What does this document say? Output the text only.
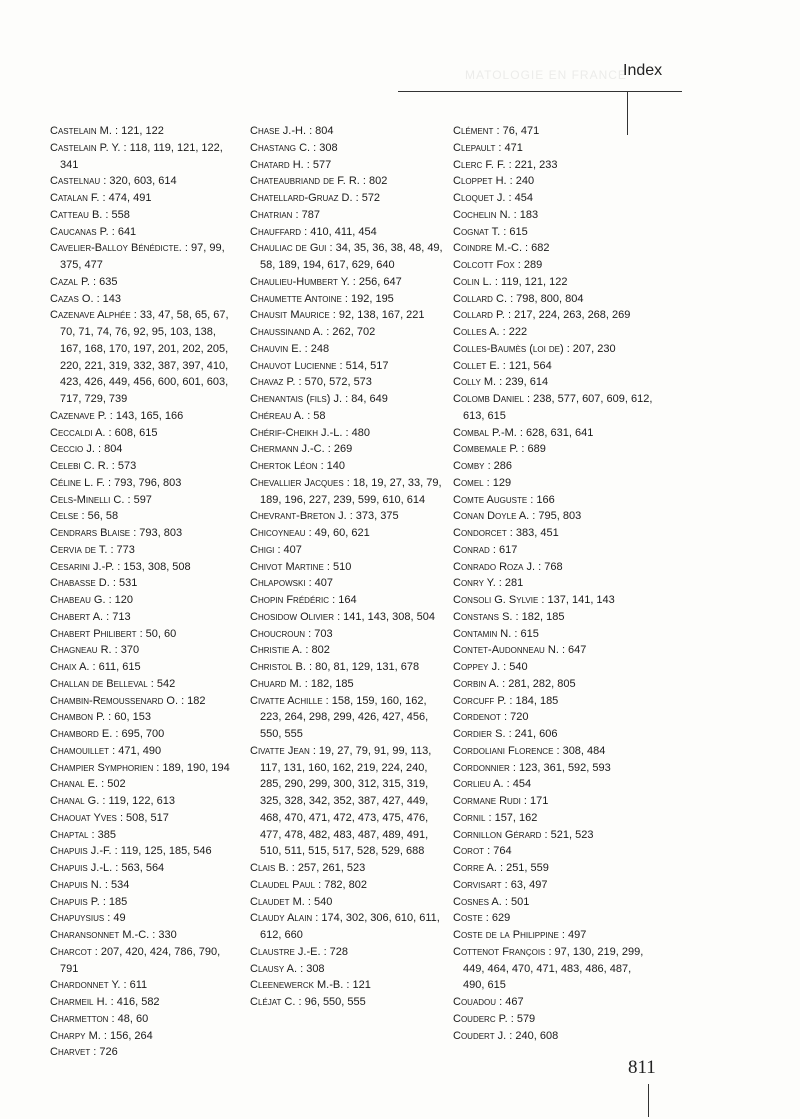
MATOLOGIE EN FRANCE
Index
Castelain M. : 121, 122
Castelain P. Y. : 118, 119, 121, 122, 341
Castelnau : 320, 603, 614
Catalan F. : 474, 491
Catteau B. : 558
Caucanas P. : 641
Cavelier-Balloy Bénédicte. : 97, 99, 375, 477
Cazal P. : 635
Cazas O. : 143
Cazenave Alphée : 33, 47, 58, 65, 67, 70, 71, 74, 76, 92, 95, 103, 138, 167, 168, 170, 197, 201, 202, 205, 220, 221, 319, 332, 387, 397, 410, 423, 426, 449, 456, 600, 601, 603, 717, 729, 739
Cazenave P. : 143, 165, 166
Ceccaldi A. : 608, 615
Ceccio J. : 804
Celebi C. R. : 573
Céline L. F. : 793, 796, 803
Cels-Minelli C. : 597
Celse : 56, 58
Cendrars Blaise : 793, 803
Cervia de T. : 773
Cesarini J.-P. : 153, 308, 508
Chabasse D. : 531
Chabeau G. : 120
Chabert A. : 713
Chabert Philibert : 50, 60
Chagneau R. : 370
Chaix A. : 611, 615
Challan de Belleval : 542
Chambin-Remoussenard O. : 182
Chambon P. : 60, 153
Chambord E. : 695, 700
Chamouillet : 471, 490
Champier Symphorien : 189, 190, 194
Chanal E. : 502
Chanal G. : 119, 122, 613
Chaouat Yves : 508, 517
Chaptal : 385
Chapuis J.-F. : 119, 125, 185, 546
Chapuis J.-L. : 563, 564
Chapuis N. : 534
Chapuis P. : 185
Chapuysius : 49
Charansonnet M.-C. : 330
Charcot : 207, 420, 424, 786, 790, 791
Chardonnet Y. : 611
Charmeil H. : 416, 582
Charmetton : 48, 60
Charpy M. : 156, 264
Charvet : 726
Chase J.-H. : 804
Chastang C. : 308
Chatard H. : 577
Chateaubriand de F. R. : 802
Chatellard-Gruaz D. : 572
Chatrian : 787
Chauffard : 410, 411, 454
Chauliac de Gui : 34, 35, 36, 38, 48, 49, 58, 189, 194, 617, 629, 640
Chaulieu-Humbert Y. : 256, 647
Chaumette Antoine : 192, 195
Chausit Maurice : 92, 138, 167, 221
Chaussinand A. : 262, 702
Chauvin E. : 248
Chauvot Lucienne : 514, 517
Chavaz P. : 570, 572, 573
Chenantais (fils) J. : 84, 649
Chéreau A. : 58
Chérif-Cheikh J.-L. : 480
Chermann J.-C. : 269
Chertok Léon : 140
Chevallier Jacques : 18, 19, 27, 33, 79, 189, 196, 227, 239, 599, 610, 614
Chevrant-Breton J. : 373, 375
Chicoyneau : 49, 60, 621
Chigi : 407
Chivot Martine : 510
Chlapowski : 407
Chopin Frédéric : 164
Chosidow Olivier : 141, 143, 308, 504
Choucroun : 703
Christie A. : 802
Christol B. : 80, 81, 129, 131, 678
Chuard M. : 182, 185
Civatte Achille : 158, 159, 160, 162, 223, 264, 298, 299, 426, 427, 456, 550, 555
Civatte Jean : 19, 27, 79, 91, 99, 113, 117, 131, 160, 162, 219, 224, 240, 285, 290, 299, 300, 312, 315, 319, 325, 328, 342, 352, 387, 427, 449, 468, 470, 471, 472, 473, 475, 476, 477, 478, 482, 483, 487, 489, 491, 510, 511, 515, 517, 528, 529, 688
Clais B. : 257, 261, 523
Claudel Paul : 782, 802
Claudet M. : 540
Claudy Alain : 174, 302, 306, 610, 611, 612, 660
Claustre J.-E. : 728
Clausy A. : 308
Cleenewerck M.-B. : 121
Cléjat C. : 96, 550, 555
Clément : 76, 471
Clepault : 471
Clerc F. F. : 221, 233
Cloppet H. : 240
Cloquet J. : 454
Cochelin N. : 183
Cognat T. : 615
Coindre M.-C. : 682
Colcott Fox : 289
Colin L. : 119, 121, 122
Collard C. : 798, 800, 804
Collard P. : 217, 224, 263, 268, 269
Colles A. : 222
Colles-Baumès (loi de) : 207, 230
Collet E. : 121, 564
Colly M. : 239, 614
Colomb Daniel : 238, 577, 607, 609, 612, 613, 615
Combal P.-M. : 628, 631, 641
Combemale P. : 689
Comby : 286
Comel : 129
Comte Auguste : 166
Conan Doyle A. : 795, 803
Condorcet : 383, 451
Conrad : 617
Conrado Roza J. : 768
Conry Y. : 281
Consoli G. Sylvie : 137, 141, 143
Constans S. : 182, 185
Contamin N. : 615
Contet-Audonneau N. : 647
Coppey J. : 540
Corbin A. : 281, 282, 805
Corcuff P. : 184, 185
Cordenot : 720
Cordier S. : 241, 606
Cordoliani Florence : 308, 484
Cordonnier : 123, 361, 592, 593
Corlieu A. : 454
Cormane Rudi : 171
Cornil : 157, 162
Cornillon Gérard : 521, 523
Corot : 764
Corre A. : 251, 559
Corvisart : 63, 497
Cosnes A. : 501
Coste : 629
Coste de la Philippine : 497
Cottenot François : 97, 130, 219, 299, 449, 464, 470, 471, 483, 486, 487, 490, 615
Couadou : 467
Couderc P. : 579
Coudert J. : 240, 608
811
